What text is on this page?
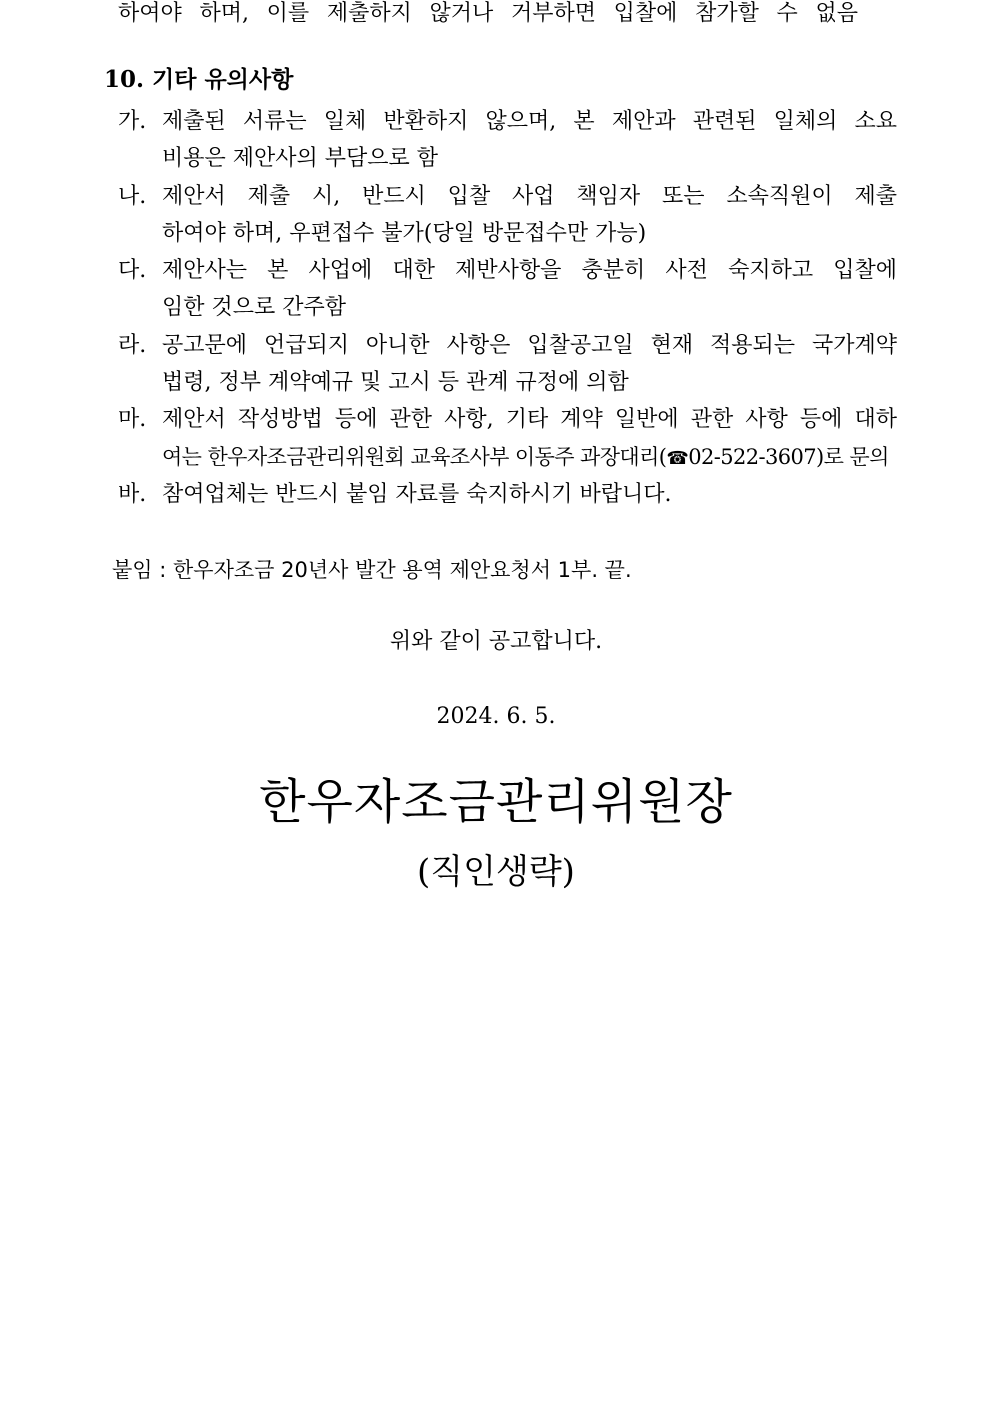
하여야 하며, 이를 제출하지 않거나 거부하면 입찰에 참가할 수 없음
10. 기타 유의사항
가. 제출된 서류는 일체 반환하지 않으며, 본 제안과 관련된 일체의 소요
비용은 제안사의 부담으로 함
나. 제안서 제출 시, 반드시 입찰 사업 책임자 또는 소속직원이 제출
하여야 하며, 우편접수 불가(당일 방문접수만 가능)
다. 제안사는 본 사업에 대한 제반사항을 충분히 사전 숙지하고 입찰에
임한 것으로 간주함
라. 공고문에 언급되지 아니한 사항은 입찰공고일 현재 적용되는 국가계약
법령, 정부 계약예규 및 고시 등 관계 규정에 의함
마. 제안서 작성방법 등에 관한 사항, 기타 계약 일반에 관한 사항 등에 대하
여는 한우자조금관리위원회 교육조사부 이동주 과장대리(☎02-522-3607)로 문의
바. 참여업체는 반드시 붙임 자료를 숙지하시기 바랍니다.
붙임 : 한우자조금 20년사 발간 용역 제안요청서 1부. 끝.
위와 같이 공고합니다.
2024. 6. 5.
한우자조금관리위원장
(직인생략)
